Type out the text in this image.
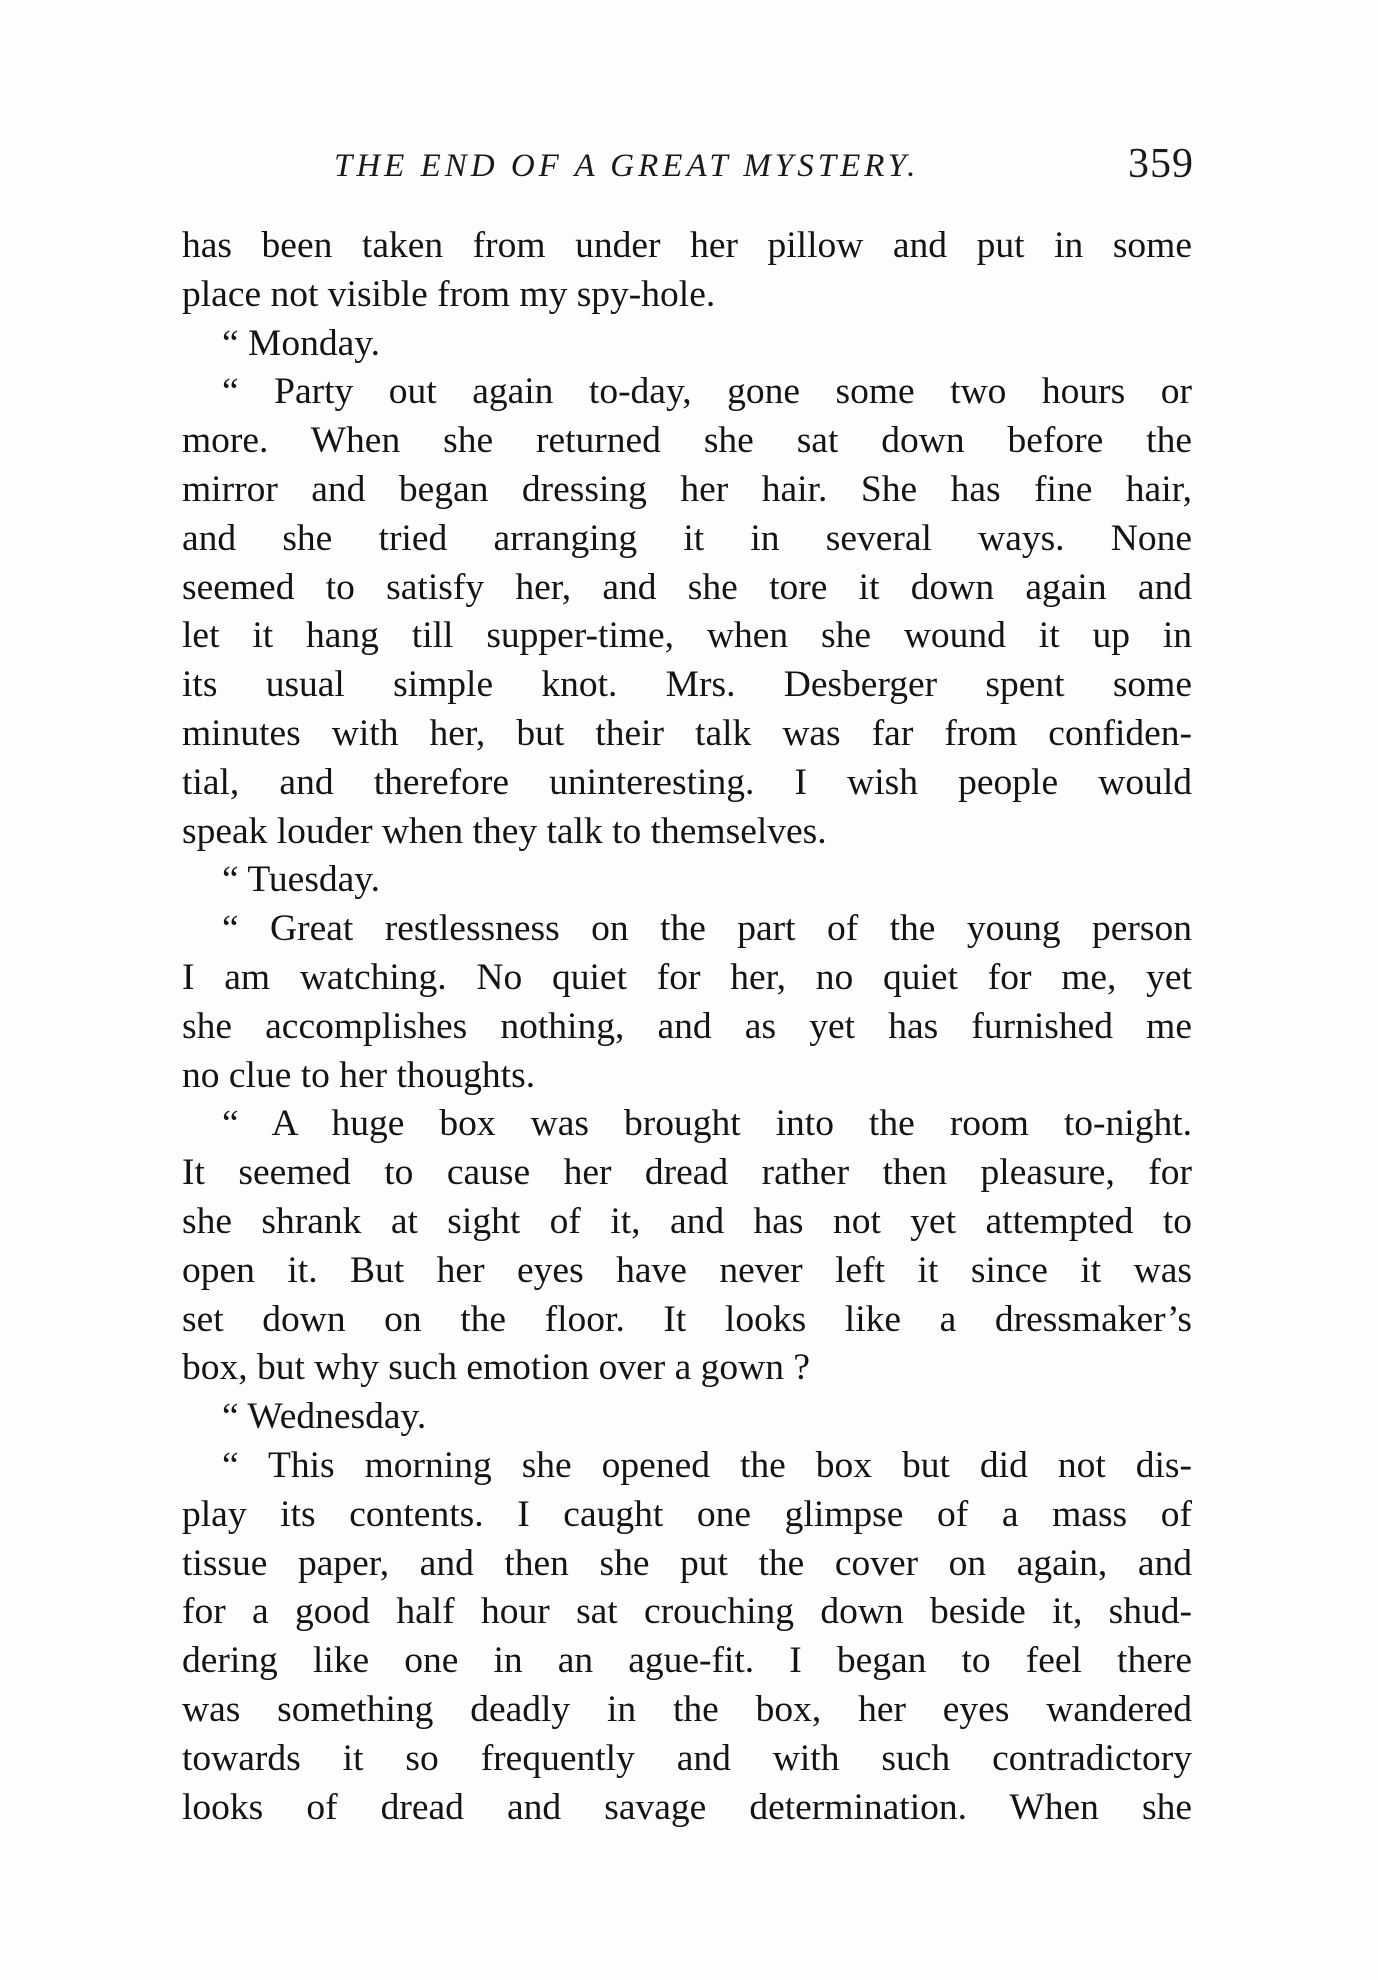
THE END OF A GREAT MYSTERY.	359
has been taken from under her pillow and put in some
place not visible from my spy-hole.
“ Monday.
“ Party out again to-day, gone some two hours or
more. When she returned she sat down before the
mirror and began dressing her hair. She has fine hair,
and she tried arranging it in several ways. None
seemed to satisfy her, and she tore it down again and
let it hang till supper-time, when she wound it up in
its usual simple knot. Mrs. Desberger spent some
minutes with her, but their talk was far from confiden-
tial, and therefore uninteresting. I wish people would
speak louder when they talk to themselves.
“ Tuesday.
“ Great restlessness on the part of the young person
I am watching. No quiet for her, no quiet for me, yet
she accomplishes nothing, and as yet has furnished me
no clue to her thoughts.
“ A huge box was brought into the room to-night.
It seemed to cause her dread rather then pleasure, for
she shrank at sight of it, and has not yet attempted to
open it. But her eyes have never left it since it was
set down on the floor. It looks like a dressmaker’s
box, but why such emotion over a gown ?
“ Wednesday.
“ This morning she opened the box but did not dis-
play its contents. I caught one glimpse of a mass of
tissue paper, and then she put the cover on again, and
for a good half hour sat crouching down beside it, shud-
dering like one in an ague-fit. I began to feel there
was something deadly in the box, her eyes wandered
towards it so frequently and with such contradictory
looks of dread and savage determination. When she
